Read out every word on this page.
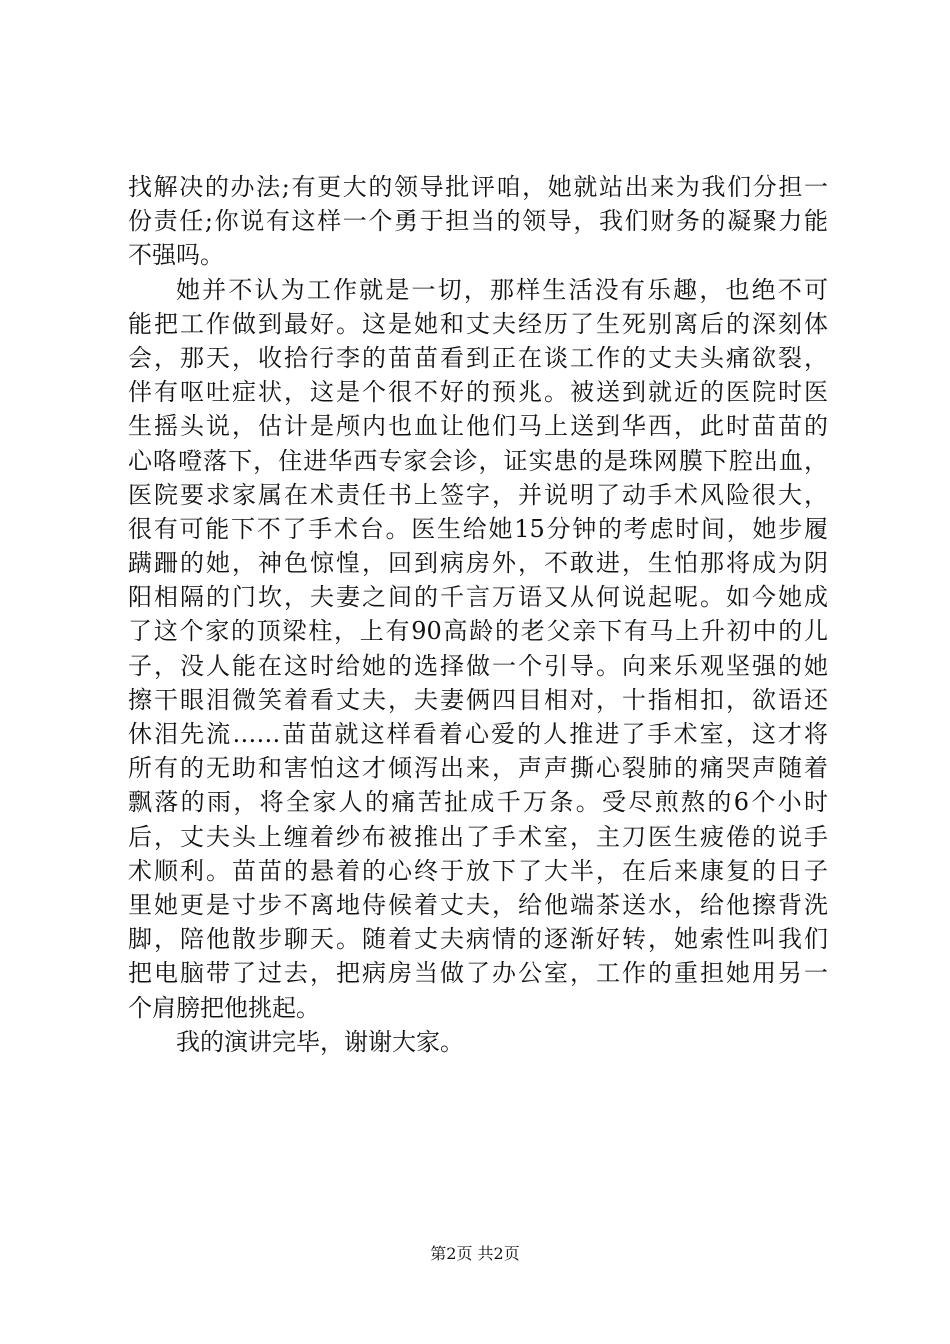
找解决的办法;有更大的领导批评咱，她就站出来为我们分担一
份责任;你说有这样一个勇于担当的领导，我们财务的凝聚力能
不强吗。
她并不认为工作就是一切，那样生活没有乐趣，也绝不可
能把工作做到最好。这是她和丈夫经历了生死别离后的深刻体
会，那天，收拾行李的苗苗看到正在谈工作的丈夫头痛欲裂，
伴有呕吐症状，这是个很不好的预兆。被送到就近的医院时医
生摇头说，估计是颅内也血让他们马上送到华西，此时苗苗的
心咯噔落下，住进华西专家会诊，证实患的是珠网膜下腔出血，
医院要求家属在术责任书上签字，并说明了动手术风险很大，
很有可能下不了手术台。医生给她15分钟的考虑时间，她步履
蹒跚的她，神色惊惶，回到病房外，不敢进，生怕那将成为阴
阳相隔的门坎，夫妻之间的千言万语又从何说起呢。如今她成
了这个家的顶梁柱，上有90高龄的老父亲下有马上升初中的儿
子，没人能在这时给她的选择做一个引导。向来乐观坚强的她
擦干眼泪微笑着看丈夫，夫妻俩四目相对，十指相扣，欲语还
休泪先流……苗苗就这样看着心爱的人推进了手术室，这才将
所有的无助和害怕这才倾泻出来，声声撕心裂肺的痛哭声随着
飘落的雨，将全家人的痛苦扯成千万条。受尽煎熬的6个小时
后，丈夫头上缠着纱布被推出了手术室，主刀医生疲倦的说手
术顺利。苗苗的悬着的心终于放下了大半，在后来康复的日子
里她更是寸步不离地侍候着丈夫，给他端茶送水，给他擦背洗
脚，陪他散步聊天。随着丈夫病情的逐渐好转，她索性叫我们
把电脑带了过去，把病房当做了办公室，工作的重担她用另一
个肩膀把他挑起。
我的演讲完毕，谢谢大家。
第2页 共2页
